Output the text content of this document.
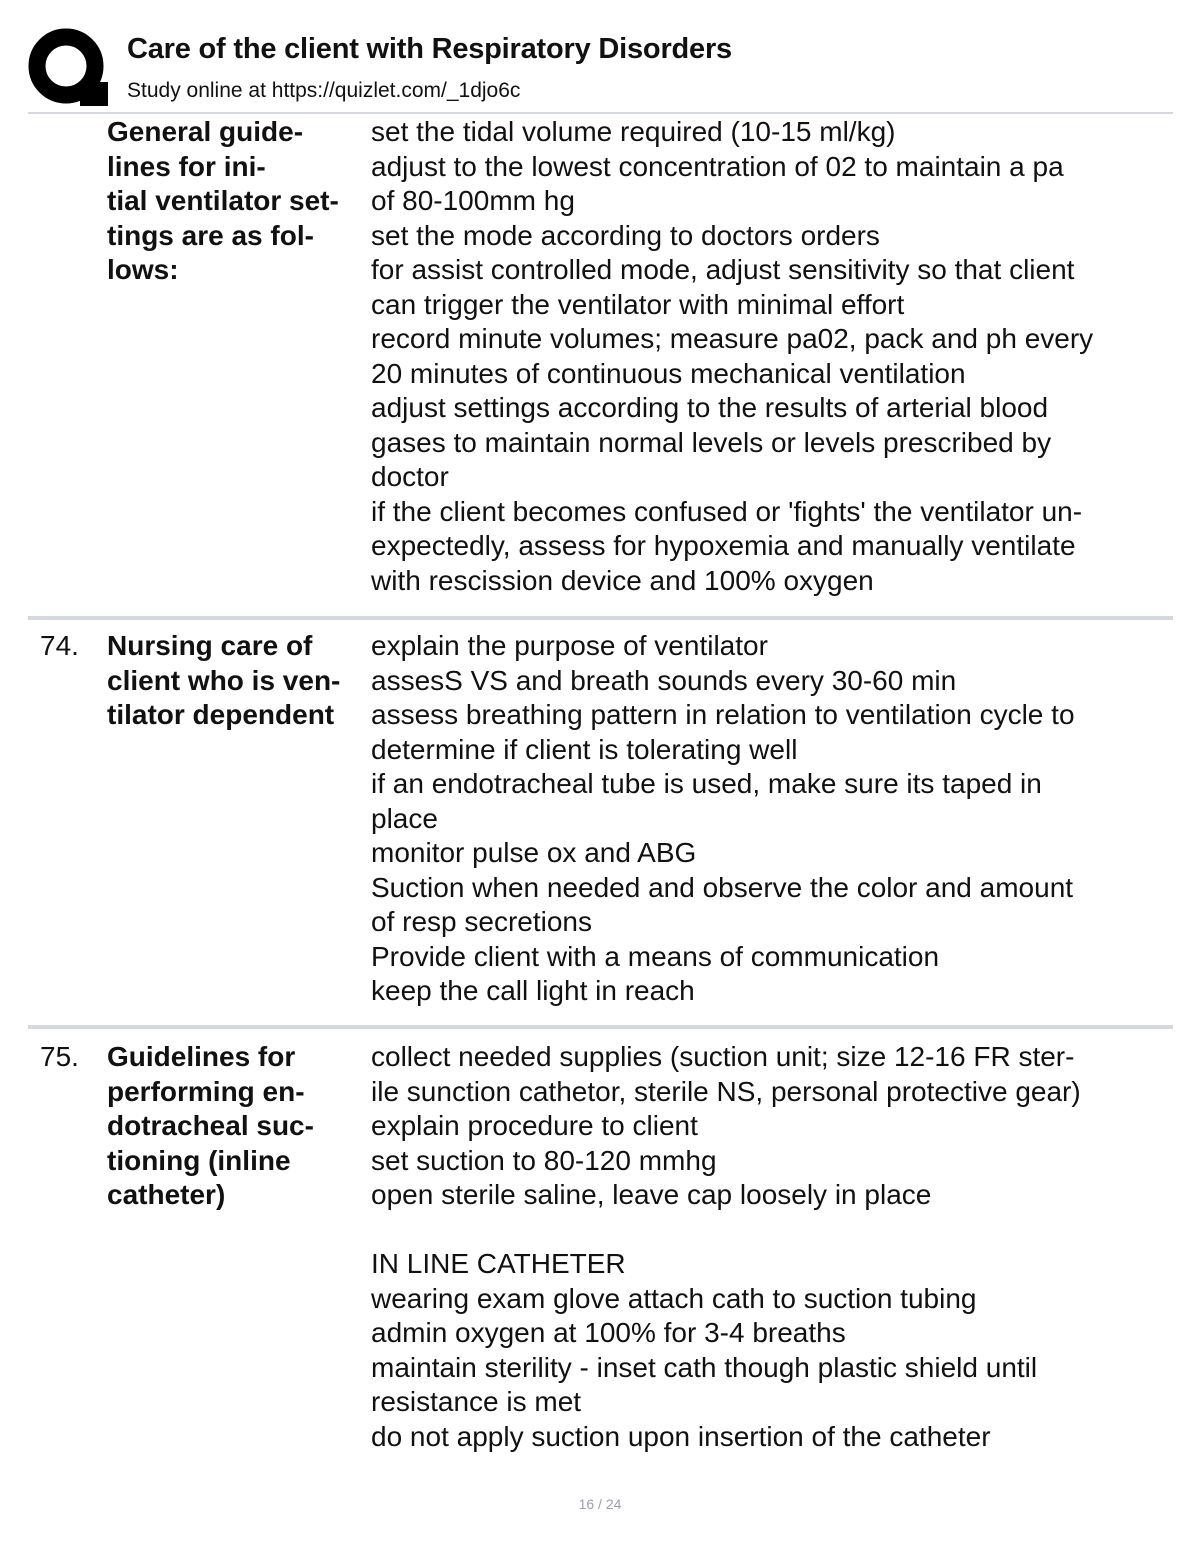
Care of the client with Respiratory Disorders
Study online at https://quizlet.com/_1djo6c
General guide-
lines for ini-
tial ventilator set-
tings are as fol-
lows:
set the tidal volume required (10-15 ml/kg)
adjust to the lowest concentration of 02 to maintain a pa
of 80-100mm hg
set the mode according to doctors orders
for assist controlled mode, adjust sensitivity so that client
can trigger the ventilator with minimal effort
record minute volumes; measure pa02, pack and ph every
20 minutes of continuous mechanical ventilation
adjust settings according to the results of arterial blood
gases to maintain normal levels or levels prescribed by
doctor
if the client becomes confused or 'fights' the ventilator un-
expectedly, assess for hypoxemia and manually ventilate
with rescission device and 100% oxygen
74. Nursing care of
client who is ven-
tilator dependent
explain the purpose of ventilator
assesS VS and breath sounds every 30-60 min
assess breathing pattern in relation to ventilation cycle to
determine if client is tolerating well
if an endotracheal tube is used, make sure its taped in
place
monitor pulse ox and ABG
Suction when needed and observe the color and amount
of resp secretions
Provide client with a means of communication
keep the call light in reach
75. Guidelines for
performing en-
dotracheal suc-
tioning (inline
catheter)
collect needed supplies (suction unit; size 12-16 FR ster-
ile sunction cathetor, sterile NS, personal protective gear)
explain procedure to client
set suction to 80-120 mmhg
open sterile saline, leave cap loosely in place
IN LINE CATHETER
wearing exam glove attach cath to suction tubing
admin oxygen at 100% for 3-4 breaths
maintain sterility - inset cath though plastic shield until
resistance is met
do not apply suction upon insertion of the catheter
16 / 24
